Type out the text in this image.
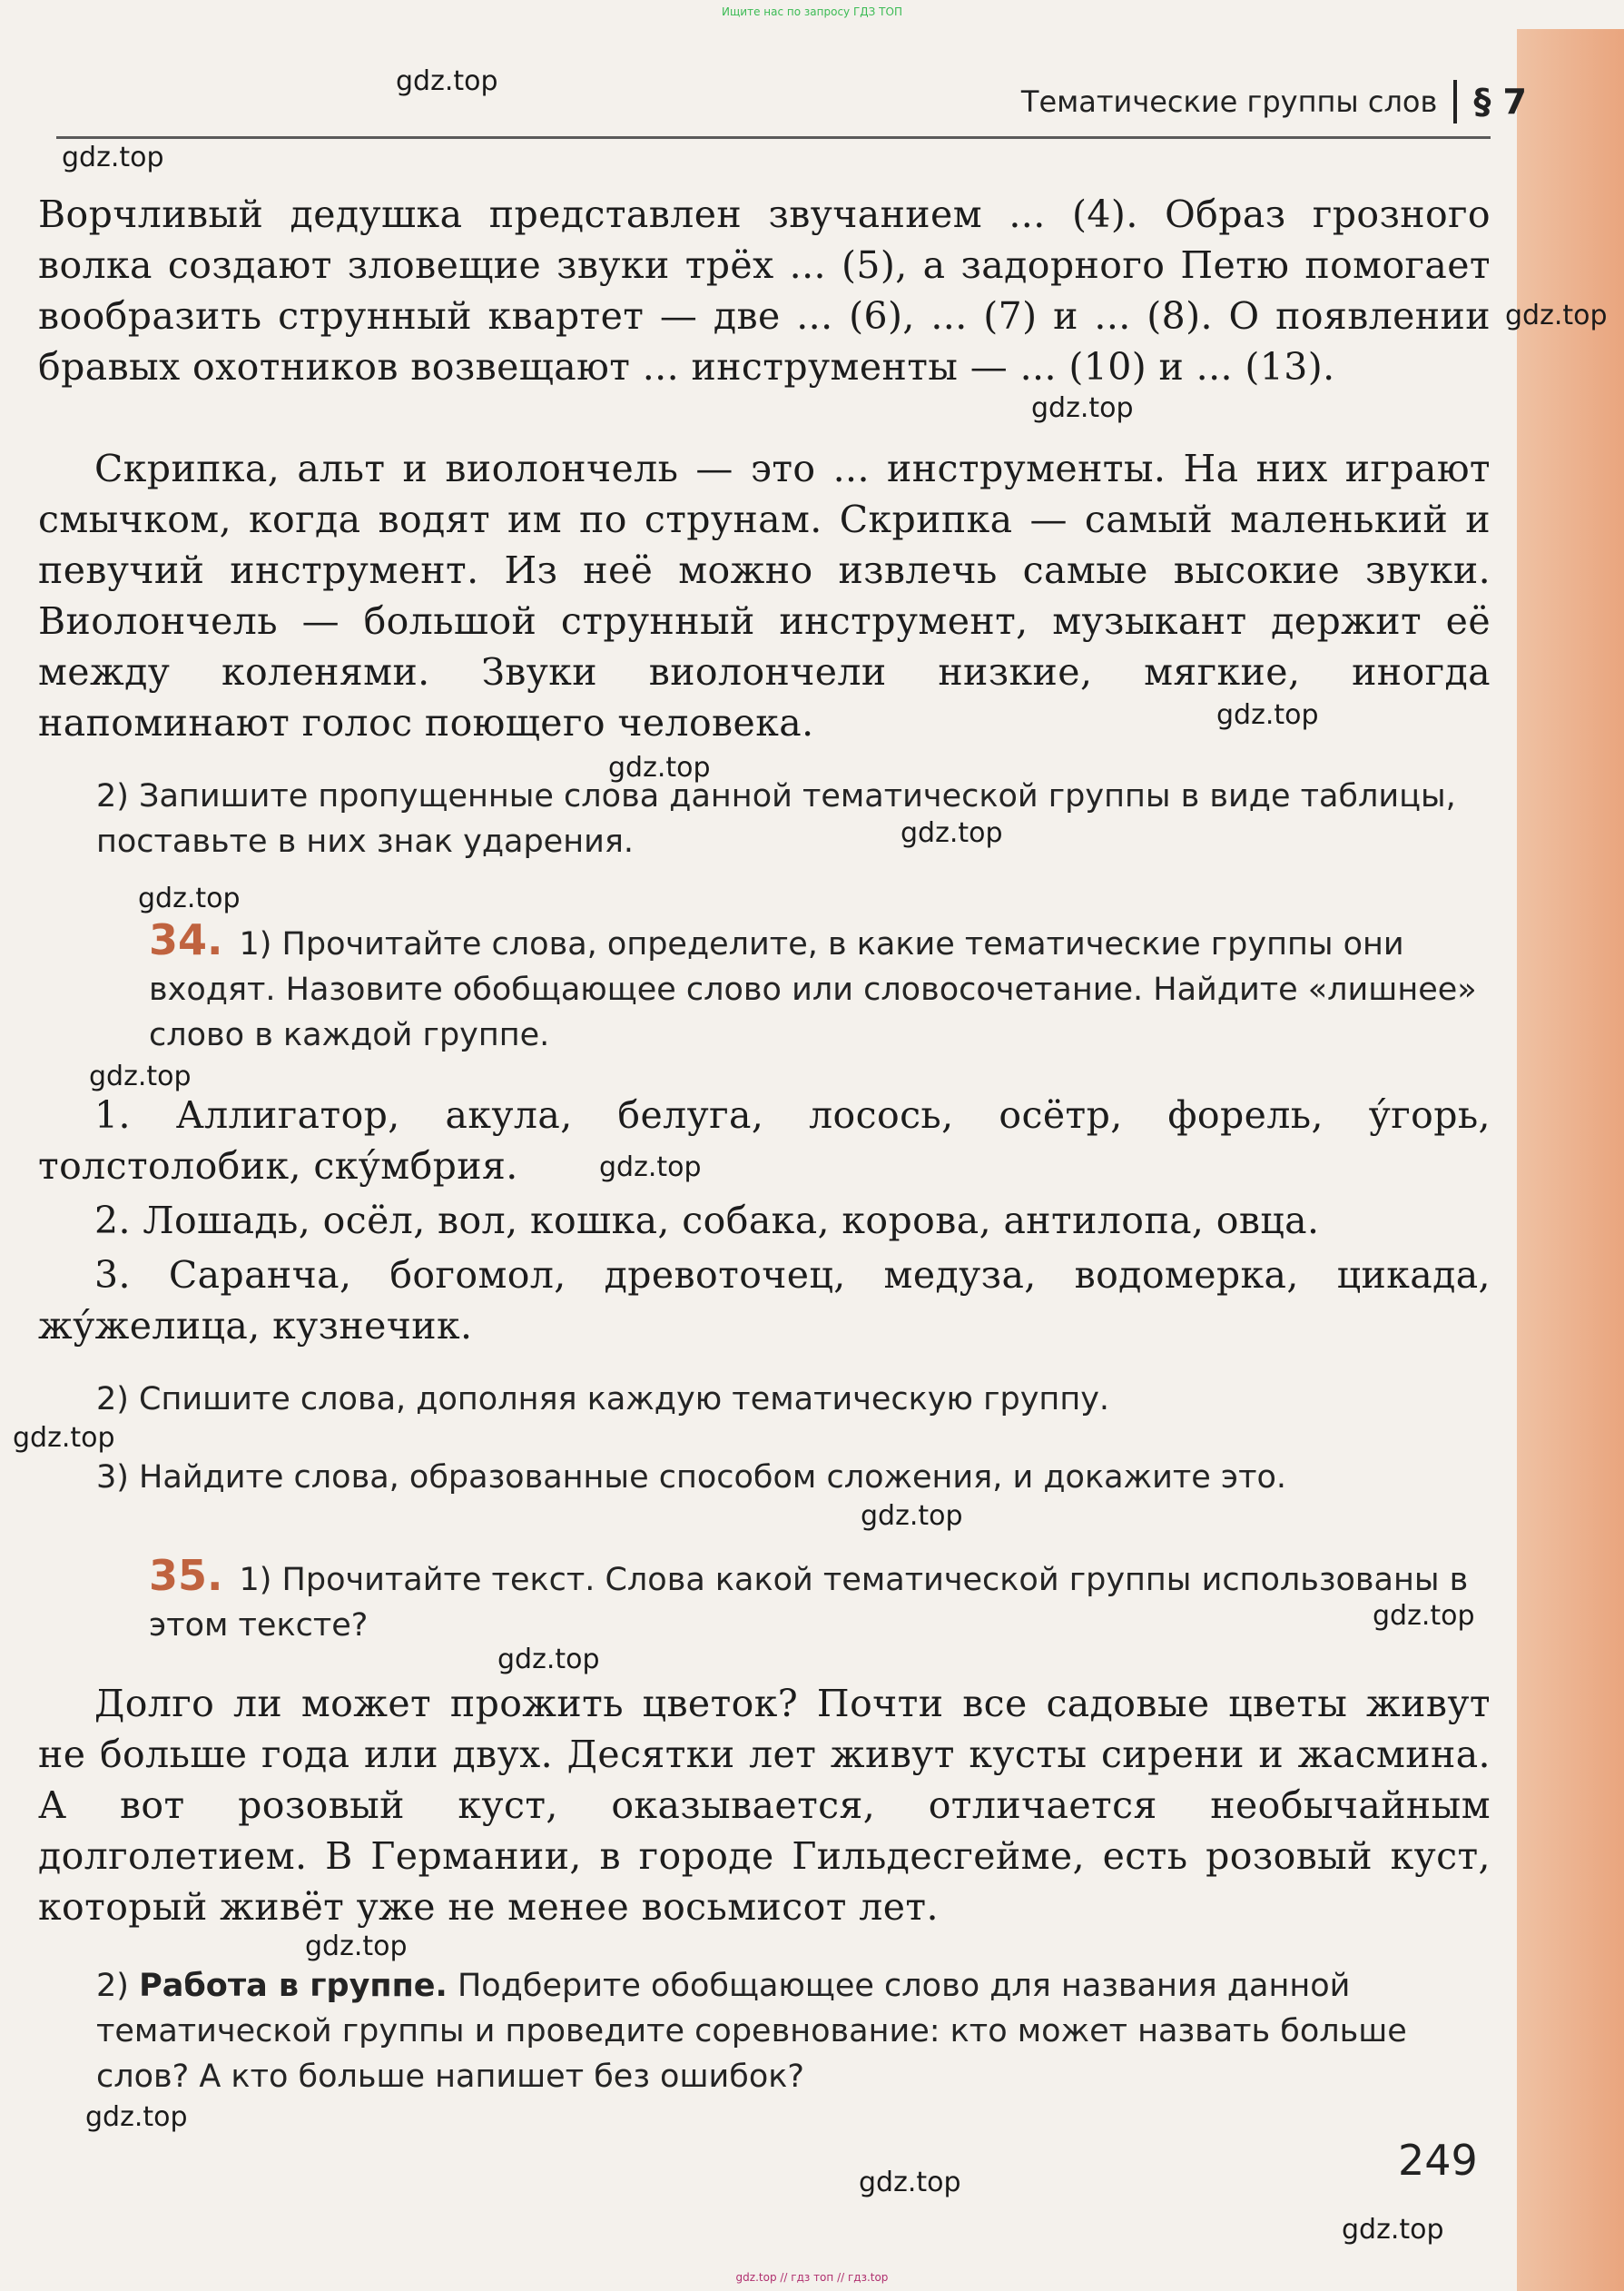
Ищите нас по запросу ГДЗ ТОП
Тематические группы слов § 7

Ворчливый дедушка представлен звучанием ... (4). Образ грозного волка создают зловещие звуки трёх ... (5), а задорного Петю помогает вообразить струнный квартет — две ... (6), ... (7) и ... (8). О появлении бравых охотников возвещают ... инструменты — ... (10) и ... (13).

Скрипка, альт и виолончель — это ... инструменты. На них играют смычком, когда водят им по струнам. Скрипка — самый маленький и певучий инструмент. Из неё можно извлечь самые высокие звуки. Виолончель — большой струнный инструмент, музыкант держит её между коленями. Звуки виолончели низкие, мягкие, иногда напоминают голос поющего человека.

2) Запишите пропущенные слова данной тематической группы в виде таблицы, поставьте в них знак ударения.

34. 1) Прочитайте слова, определите, в какие тематические группы они входят. Назовите обобщающее слово или словосочетание. Найдите «лишнее» слово в каждой группе.

1. Аллигатор, акула, белуга, лосось, осётр, форель, у́горь, толстолобик, ску́мбрия.

2. Лошадь, осёл, вол, кошка, собака, корова, антилопа, овца.

3. Саранча, богомол, древоточец, медуза, водомерка, цикада, жу́желица, кузнечик.

2) Спишите слова, дополняя каждую тематическую группу.

3) Найдите слова, образованные способом сложения, и докажите это.

35. 1) Прочитайте текст. Слова какой тематической группы использованы в этом тексте?

Долго ли может прожить цветок? Почти все садовые цветы живут не больше года или двух. Десятки лет живут кусты сирени и жасмина. А вот розовый куст, оказывается, отличается необычайным долголетием. В Германии, в городе Гильдесгейме, есть розовый куст, который живёт уже не менее восьмисот лет.

2) Работа в группе. Подберите обобщающее слово для названия данной тематической группы и проведите соревнование: кто может назвать больше слов? А кто больше напишет без ошибок?

249
gdz.top
gdz.top
gdz.top
gdz.top
gdz.top
gdz.top
gdz.top
gdz.top
gdz.top
gdz.top
gdz.top
gdz.top
gdz.top
gdz.top
gdz.top
gdz.top
gdz.top
gdz.top
gdz.top // гдз топ // гдз.top
